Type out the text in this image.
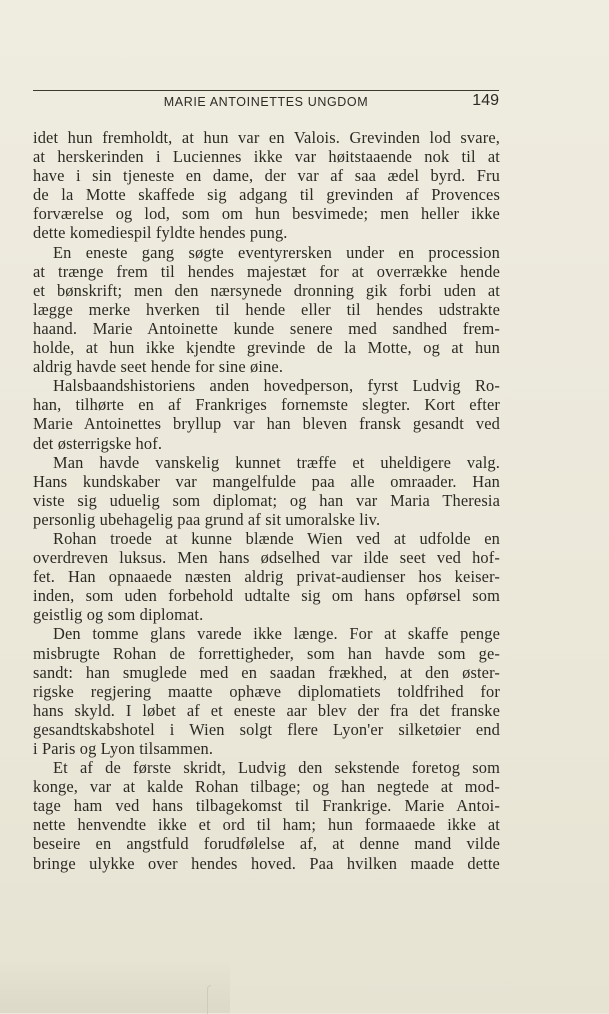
MARIE ANTOINETTES UNGDOM	149
idet hun fremholdt, at hun var en Valois. Grevinden lod svare,
at herskerinden i Luciennes ikke var høitstaaende nok til at
have i sin tjeneste en dame, der var af saa ædel byrd. Fru
de la Motte skaffede sig adgang til grevinden af Provences
forværelse og lod, som om hun besvimede; men heller ikke
dette komediespil fyldte hendes pung.
En eneste gang søgte eventyrersken under en procession
at trænge frem til hendes majestæt for at overrække hende
et bønskrift; men den nærsynede dronning gik forbi uden at
lægge merke hverken til hende eller til hendes udstrakte
haand. Marie Antoinette kunde senere med sandhed frem-
holde, at hun ikke kjendte grevinde de la Motte, og at hun
aldrig havde seet hende for sine øine.
Halsbaandshistoriens anden hovedperson, fyrst Ludvig Ro-
han, tilhørte en af Frankriges fornemste slegter. Kort efter
Marie Antoinettes bryllup var han bleven fransk gesandt ved
det østerrigske hof.
Man havde vanskelig kunnet træffe et uheldigere valg.
Hans kundskaber var mangelfulde paa alle omraader. Han
viste sig uduelig som diplomat; og han var Maria Theresia
personlig ubehagelig paa grund af sit umoralske liv.
Rohan troede at kunne blænde Wien ved at udfolde en
overdreven luksus. Men hans ødselhed var ilde seet ved hof-
fet. Han opnaaede næsten aldrig privat-audienser hos keiser-
inden, som uden forbehold udtalte sig om hans opførsel som
geistlig og som diplomat.
Den tomme glans varede ikke længe. For at skaffe penge
misbrugte Rohan de forrettigheder, som han havde som ge-
sandt: han smuglede med en saadan frækhed, at den øster-
rigske regjering maatte ophæve diplomatiets toldfrihed for
hans skyld. I løbet af et eneste aar blev der fra det franske
gesandtskabshotel i Wien solgt flere Lyon'er silketøier end
i Paris og Lyon tilsammen.
Et af de første skridt, Ludvig den sekstende foretog som
konge, var at kalde Rohan tilbage; og han negtede at mod-
tage ham ved hans tilbagekomst til Frankrige. Marie Antoi-
nette henvendte ikke et ord til ham; hun formaaede ikke at
beseire en angstfuld forudfølelse af, at denne mand vilde
bringe ulykke over hendes hoved. Paa hvilken maade dette
